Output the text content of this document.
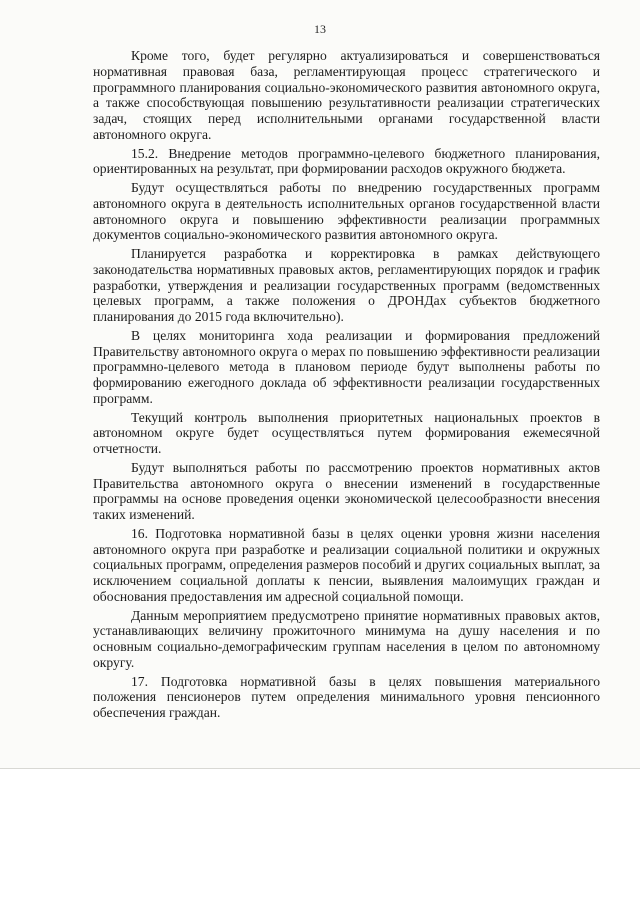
13

Кроме того, будет регулярно актуализироваться и совершенствоваться нормативная правовая база, регламентирующая процесс стратегического и программного планирования социально-экономического развития автономного округа, а также способствующая повышению результативности реализации стратегических задач, стоящих перед исполнительными органами государственной власти автономного округа.

15.2. Внедрение методов программно-целевого бюджетного планирования, ориентированных на результат, при формировании расходов окружного бюджета.

Будут осуществляться работы по внедрению государственных программ автономного округа в деятельность исполнительных органов государственной власти автономного округа и повышению эффективности реализации программных документов социально-экономического развития автономного округа.

Планируется разработка и корректировка в рамках действующего законодательства нормативных правовых актов, регламентирующих порядок и график разработки, утверждения и реализации государственных программ (ведомственных целевых программ, а также положения о ДРОНДах субъектов бюджетного планирования до 2015 года включительно).

В целях мониторинга хода реализации и формирования предложений Правительству автономного округа о мерах по повышению эффективности реализации программно-целевого метода в плановом периоде будут выполнены работы по формированию ежегодного доклада об эффективности реализации государственных программ.

Текущий контроль выполнения приоритетных национальных проектов в автономном округе будет осуществляться путем формирования ежемесячной отчетности.

Будут выполняться работы по рассмотрению проектов нормативных актов Правительства автономного округа о внесении изменений в государственные программы на основе проведения оценки экономической целесообразности внесения таких изменений.

16. Подготовка нормативной базы в целях оценки уровня жизни населения автономного округа при разработке и реализации социальной политики и окружных социальных программ, определения размеров пособий и других социальных выплат, за исключением социальной доплаты к пенсии, выявления малоимущих граждан и обоснования предоставления им адресной социальной помощи.

Данным мероприятием предусмотрено принятие нормативных правовых актов, устанавливающих величину прожиточного минимума на душу населения и по основным социально-демографическим группам населения в целом по автономному округу.

17. Подготовка нормативной базы в целях повышения материального положения пенсионеров путем определения минимального уровня пенсионного обеспечения граждан.
